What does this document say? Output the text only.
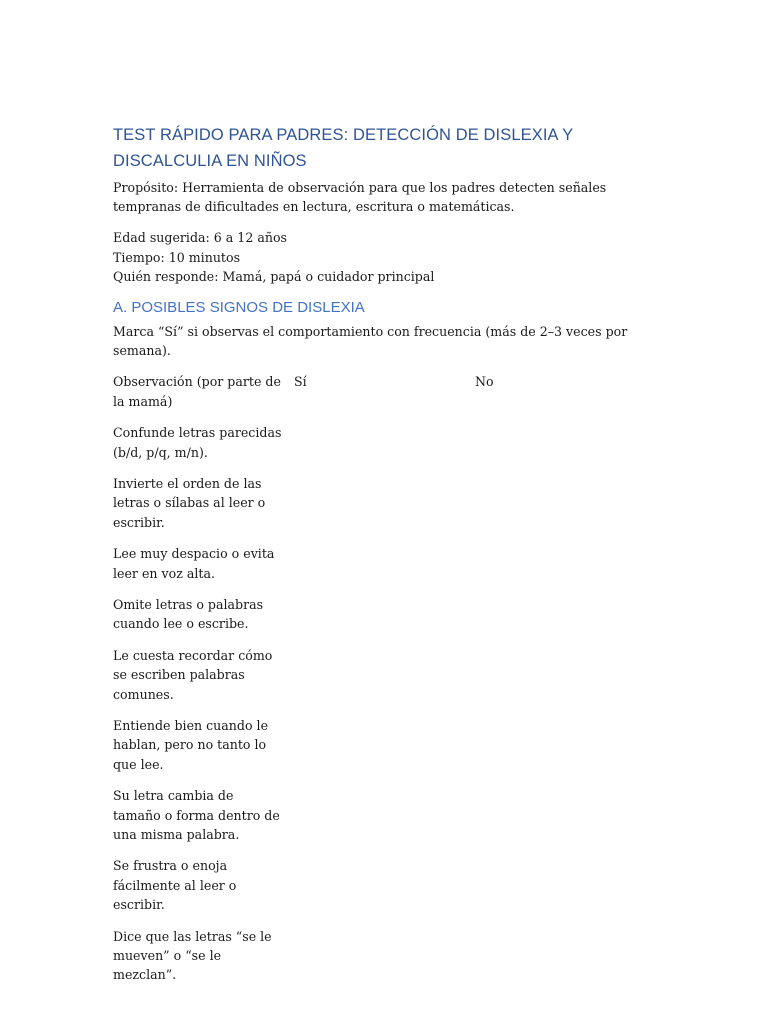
TEST RÁPIDO PARA PADRES: DETECCIÓN DE DISLEXIA Y DISCALCULIA EN NIÑOS

Propósito: Herramienta de observación para que los padres detecten señales tempranas de dificultades en lectura, escritura o matemáticas.

Edad sugerida: 6 a 12 años

Tiempo: 10 minutos

Quién responde: Mamá, papá o cuidador principal

A. POSIBLES SIGNOS DE DISLEXIA

Marca “Sí” si observas el comportamiento con frecuencia (más de 2–3 veces por semana).

Observación (por parte de la mamá)
Sí	No
Confunde letras parecidas (b/d, p/q, m/n).
Invierte el orden de las letras o sílabas al leer o escribir.
Lee muy despacio o evita leer en voz alta.
Omite letras o palabras cuando lee o escribe.
Le cuesta recordar cómo se escriben palabras comunes.
Entiende bien cuando le hablan, pero no tanto lo que lee.
Su letra cambia de tamaño o forma dentro de una misma palabra.
Se frustra o enoja fácilmente al leer o escribir.
Dice que las letras “se le mueven” o “se le mezclan”.
